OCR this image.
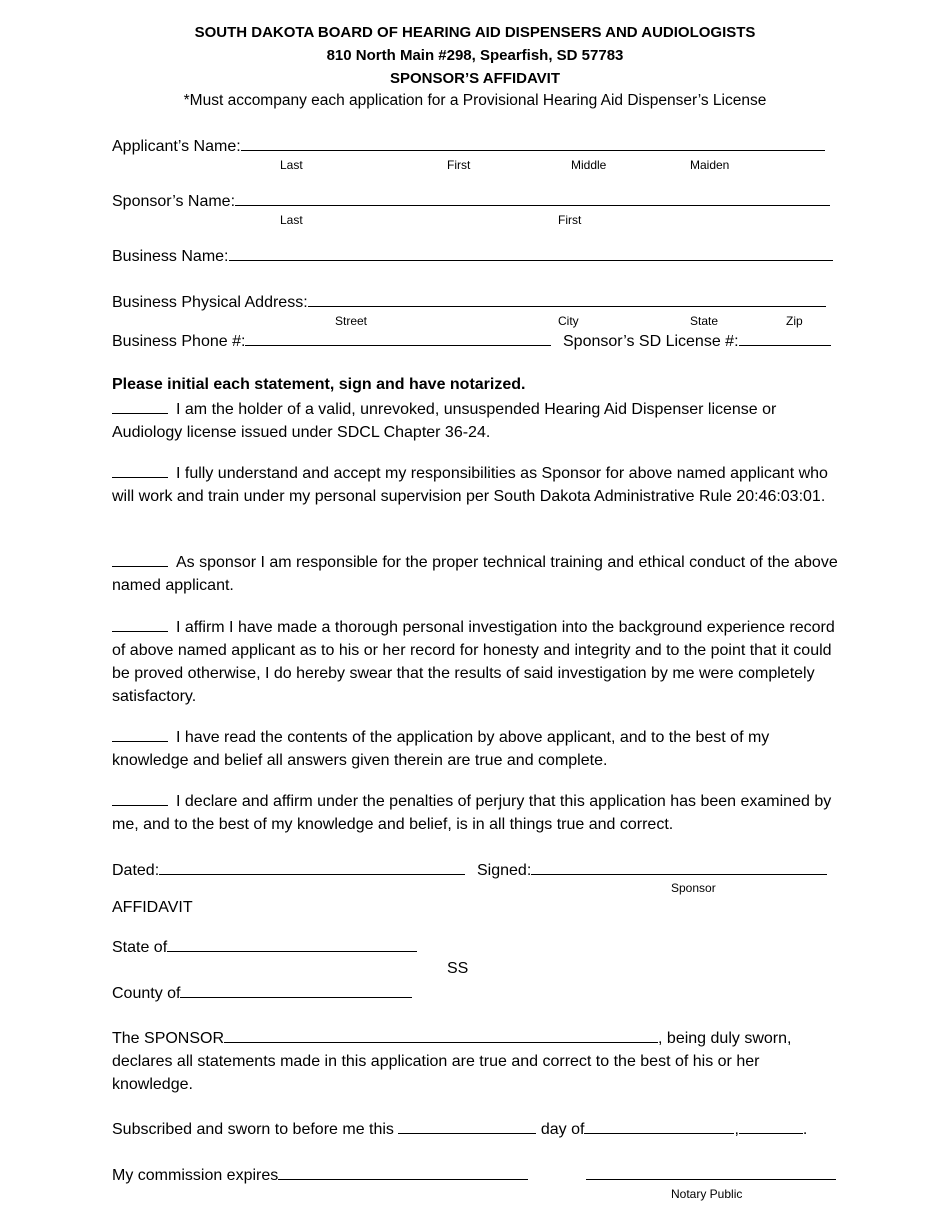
SOUTH DAKOTA BOARD OF HEARING AID DISPENSERS AND AUDIOLOGISTS
810 North Main #298, Spearfish, SD 57783
SPONSOR’S AFFIDAVIT
*Must accompany each application for a Provisional Hearing Aid Dispenser’s License
Applicant’s Name:
Last	First	Middle	Maiden
Sponsor’s Name:
Last	First
Business Name:
Business Physical Address:
Street	City	State	Zip
Business Phone #:	Sponsor’s SD License #:
Please initial each statement, sign and have notarized.
I am the holder of a valid, unrevoked, unsuspended Hearing Aid Dispenser license or Audiology license issued under SDCL Chapter 36-24.
I fully understand and accept my responsibilities as Sponsor for above named applicant who will work and train under my personal supervision per South Dakota Administrative Rule 20:46:03:01.
As sponsor I am responsible for the proper technical training and ethical conduct of the above named applicant.
I affirm I have made a thorough personal investigation into the background experience record of above named applicant as to his or her record for honesty and integrity and to the point that it could be proved otherwise, I do hereby swear that the results of said investigation by me were completely satisfactory.
I have read the contents of the application by above applicant, and to the best of my knowledge and belief all answers given therein are true and complete.
I declare and affirm under the penalties of perjury that this application has been examined by me, and to the best of my knowledge and belief, is in all things true and correct.
Dated:	Signed:
Sponsor
AFFIDAVIT
State of
SS
County of
The SPONSOR	, being duly sworn, declares all statements made in this application are true and correct to the best of his or her knowledge.
Subscribed and sworn to before me this	day of	,	.
My commission expires
Notary Public
